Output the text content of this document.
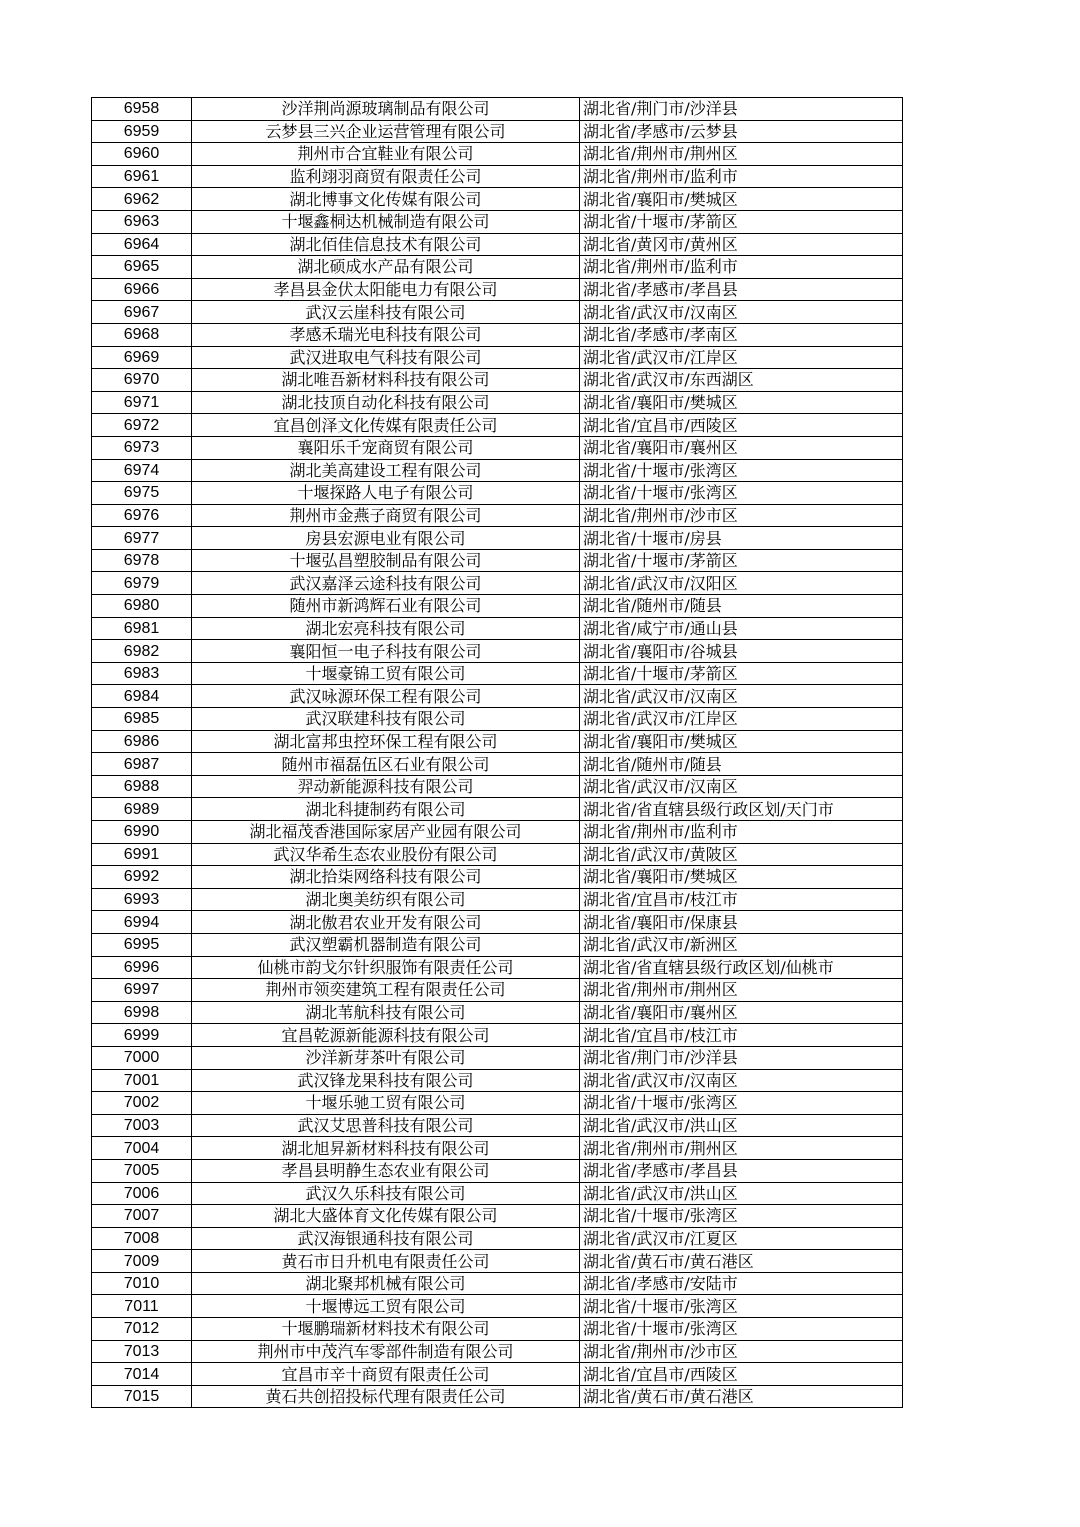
6958	沙洋荆尚源玻璃制品有限公司	湖北省/荆门市/沙洋县
6959	云梦县三兴企业运营管理有限公司	湖北省/孝感市/云梦县
6960	荆州市合宜鞋业有限公司	湖北省/荆州市/荆州区
6961	监利翊羽商贸有限责任公司	湖北省/荆州市/监利市
6962	湖北博事文化传媒有限公司	湖北省/襄阳市/樊城区
6963	十堰鑫桐达机械制造有限公司	湖北省/十堰市/茅箭区
6964	湖北佰佳信息技术有限公司	湖北省/黄冈市/黄州区
6965	湖北硕成水产品有限公司	湖北省/荆州市/监利市
6966	孝昌县金伏太阳能电力有限公司	湖北省/孝感市/孝昌县
6967	武汉云崖科技有限公司	湖北省/武汉市/汉南区
6968	孝感禾瑞光电科技有限公司	湖北省/孝感市/孝南区
6969	武汉进取电气科技有限公司	湖北省/武汉市/江岸区
6970	湖北唯吾新材料科技有限公司	湖北省/武汉市/东西湖区
6971	湖北技顶自动化科技有限公司	湖北省/襄阳市/樊城区
6972	宜昌创泽文化传媒有限责任公司	湖北省/宜昌市/西陵区
6973	襄阳乐千宠商贸有限公司	湖北省/襄阳市/襄州区
6974	湖北美高建设工程有限公司	湖北省/十堰市/张湾区
6975	十堰探路人电子有限公司	湖北省/十堰市/张湾区
6976	荆州市金燕子商贸有限公司	湖北省/荆州市/沙市区
6977	房县宏源电业有限公司	湖北省/十堰市/房县
6978	十堰弘昌塑胶制品有限公司	湖北省/十堰市/茅箭区
6979	武汉嘉泽云途科技有限公司	湖北省/武汉市/汉阳区
6980	随州市新鸿辉石业有限公司	湖北省/随州市/随县
6981	湖北宏亮科技有限公司	湖北省/咸宁市/通山县
6982	襄阳恒一电子科技有限公司	湖北省/襄阳市/谷城县
6983	十堰豪锦工贸有限公司	湖北省/十堰市/茅箭区
6984	武汉咏源环保工程有限公司	湖北省/武汉市/汉南区
6985	武汉联建科技有限公司	湖北省/武汉市/江岸区
6986	湖北富邦虫控环保工程有限公司	湖北省/襄阳市/樊城区
6987	随州市福磊伍区石业有限公司	湖北省/随州市/随县
6988	羿动新能源科技有限公司	湖北省/武汉市/汉南区
6989	湖北科捷制药有限公司	湖北省/省直辖县级行政区划/天门市
6990	湖北福茂香港国际家居产业园有限公司	湖北省/荆州市/监利市
6991	武汉华希生态农业股份有限公司	湖北省/武汉市/黄陂区
6992	湖北拾柒网络科技有限公司	湖北省/襄阳市/樊城区
6993	湖北奥美纺织有限公司	湖北省/宜昌市/枝江市
6994	湖北傲君农业开发有限公司	湖北省/襄阳市/保康县
6995	武汉塑霸机器制造有限公司	湖北省/武汉市/新洲区
6996	仙桃市韵戈尔针织服饰有限责任公司	湖北省/省直辖县级行政区划/仙桃市
6997	荆州市领奕建筑工程有限责任公司	湖北省/荆州市/荆州区
6998	湖北苇航科技有限公司	湖北省/襄阳市/襄州区
6999	宜昌乾源新能源科技有限公司	湖北省/宜昌市/枝江市
7000	沙洋新芽茶叶有限公司	湖北省/荆门市/沙洋县
7001	武汉锋龙果科技有限公司	湖北省/武汉市/汉南区
7002	十堰乐驰工贸有限公司	湖北省/十堰市/张湾区
7003	武汉艾思普科技有限公司	湖北省/武汉市/洪山区
7004	湖北旭昇新材料科技有限公司	湖北省/荆州市/荆州区
7005	孝昌县明静生态农业有限公司	湖北省/孝感市/孝昌县
7006	武汉久乐科技有限公司	湖北省/武汉市/洪山区
7007	湖北大盛体育文化传媒有限公司	湖北省/十堰市/张湾区
7008	武汉海银通科技有限公司	湖北省/武汉市/江夏区
7009	黄石市日升机电有限责任公司	湖北省/黄石市/黄石港区
7010	湖北聚邦机械有限公司	湖北省/孝感市/安陆市
7011	十堰博远工贸有限公司	湖北省/十堰市/张湾区
7012	十堰鹏瑞新材料技术有限公司	湖北省/十堰市/张湾区
7013	荆州市中茂汽车零部件制造有限公司	湖北省/荆州市/沙市区
7014	宜昌市辛十商贸有限责任公司	湖北省/宜昌市/西陵区
7015	黄石共创招投标代理有限责任公司	湖北省/黄石市/黄石港区
